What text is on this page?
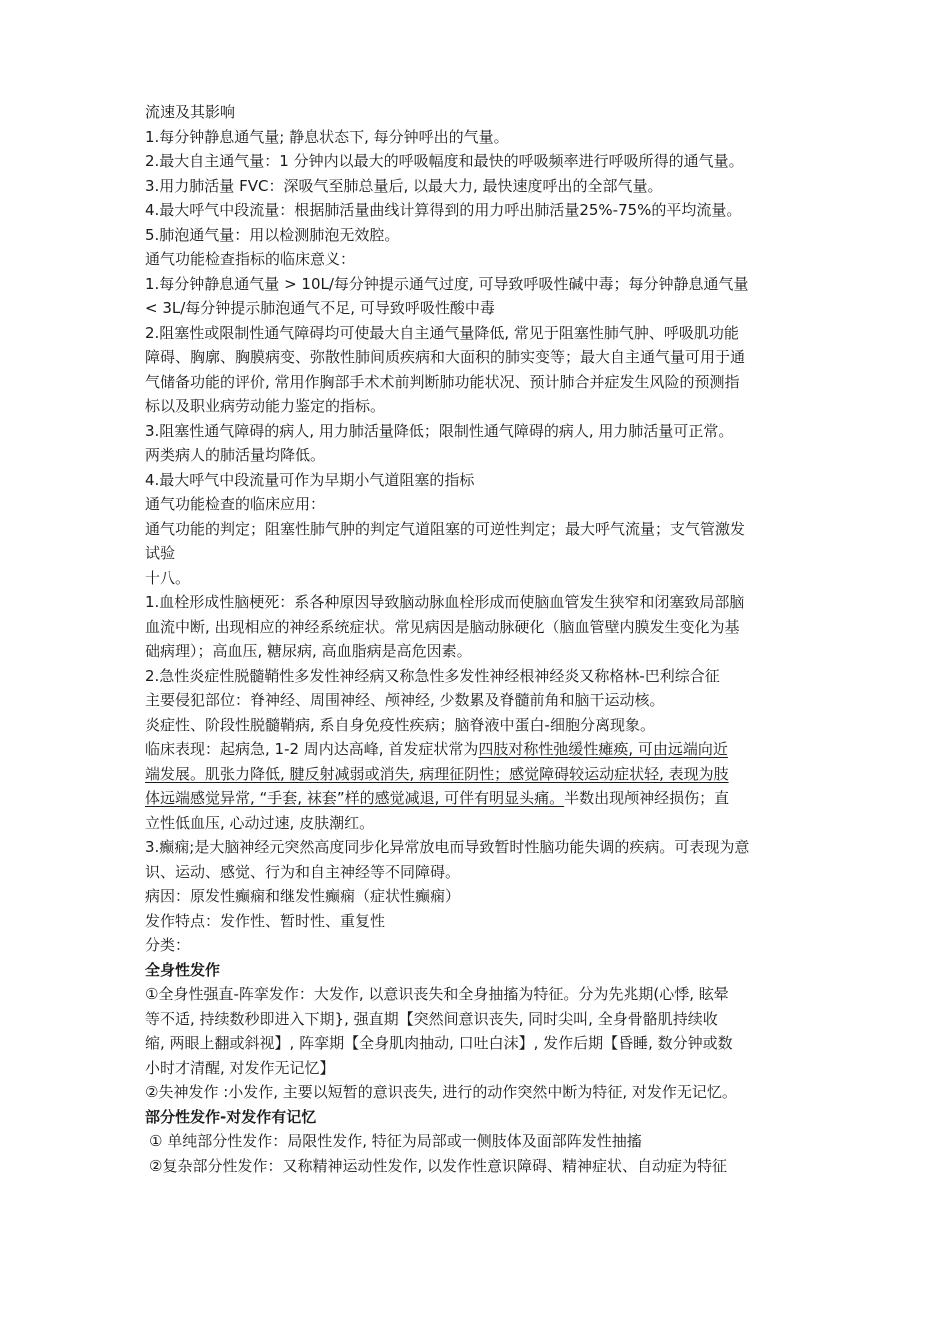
流速及其影响
1.每分钟静息通气量; 静息状态下, 每分钟呼出的气量。
2.最大自主通气量：1 分钟内以最大的呼吸幅度和最快的呼吸频率进行呼吸所得的通气量。
3.用力肺活量 FVC：深吸气至肺总量后, 以最大力, 最快速度呼出的全部气量。
4.最大呼气中段流量：根据肺活量曲线计算得到的用力呼出肺活量25%-75%的平均流量。
5.肺泡通气量：用以检测肺泡无效腔。
通气功能检查指标的临床意义：
1.每分钟静息通气量 > 10L/每分钟提示通气过度, 可导致呼吸性碱中毒；每分钟静息通气量
< 3L/每分钟提示肺泡通气不足, 可导致呼吸性酸中毒
2.阻塞性或限制性通气障碍均可使最大自主通气量降低, 常见于阻塞性肺气肿、呼吸肌功能
障碍、胸廓、胸膜病变、弥散性肺间质疾病和大面积的肺实变等；最大自主通气量可用于通
气储备功能的评价, 常用作胸部手术术前判断肺功能状况、预计肺合并症发生风险的预测指
标以及职业病劳动能力鉴定的指标。
3.阻塞性通气障碍的病人, 用力肺活量降低；限制性通气障碍的病人, 用力肺活量可正常。
两类病人的肺活量均降低。
4.最大呼气中段流量可作为早期小气道阻塞的指标
通气功能检查的临床应用：
通气功能的判定；阻塞性肺气肿的判定气道阻塞的可逆性判定；最大呼气流量；支气管激发
试验
十八。
1.血栓形成性脑梗死：系各种原因导致脑动脉血栓形成而使脑血管发生狭窄和闭塞致局部脑
血流中断, 出现相应的神经系统症状。常见病因是脑动脉硬化（脑血管壁内膜发生变化为基
础病理）；高血压, 糖尿病, 高血脂病是高危因素。
2.急性炎症性脱髓鞘性多发性神经病又称急性多发性神经根神经炎又称格林-巴利综合征
主要侵犯部位：脊神经、周围神经、颅神经, 少数累及脊髓前角和脑干运动核。
炎症性、阶段性脱髓鞘病, 系自身免疫性疾病；脑脊液中蛋白-细胞分离现象。
临床表现：起病急, 1-2 周内达高峰, 首发症状常为四肢对称性弛缓性瘫痪, 可由远端向近
端发展。肌张力降低, 腱反射减弱或消失, 病理征阴性；感觉障碍较运动症状轻, 表现为肢
体远端感觉异常, “手套, 袜套”样的感觉减退, 可伴有明显头痛。半数出现颅神经损伤；直
立性低血压, 心动过速, 皮肤潮红。
3.癫痫;是大脑神经元突然高度同步化异常放电而导致暂时性脑功能失调的疾病。可表现为意
识、运动、感觉、行为和自主神经等不同障碍。
病因：原发性癫痫和继发性癫痫（症状性癫痫）
发作特点：发作性、暂时性、重复性
分类：
全身性发作
①全身性强直-阵挛发作：大发作, 以意识丧失和全身抽搐为特征。分为先兆期(心悸, 眩晕
等不适, 持续数秒即进入下期}, 强直期【突然间意识丧失, 同时尖叫, 全身骨骼肌持续收
缩, 两眼上翻或斜视】, 阵挛期【全身肌肉抽动, 口吐白沫】, 发作后期【昏睡, 数分钟或数
小时才清醒, 对发作无记忆】
②失神发作 :小发作, 主要以短暂的意识丧失, 进行的动作突然中断为特征, 对发作无记忆。
部分性发作-对发作有记忆
① 单纯部分性发作：局限性发作, 特征为局部或一侧肢体及面部阵发性抽搐
②复杂部分性发作：又称精神运动性发作, 以发作性意识障碍、精神症状、自动症为特征
